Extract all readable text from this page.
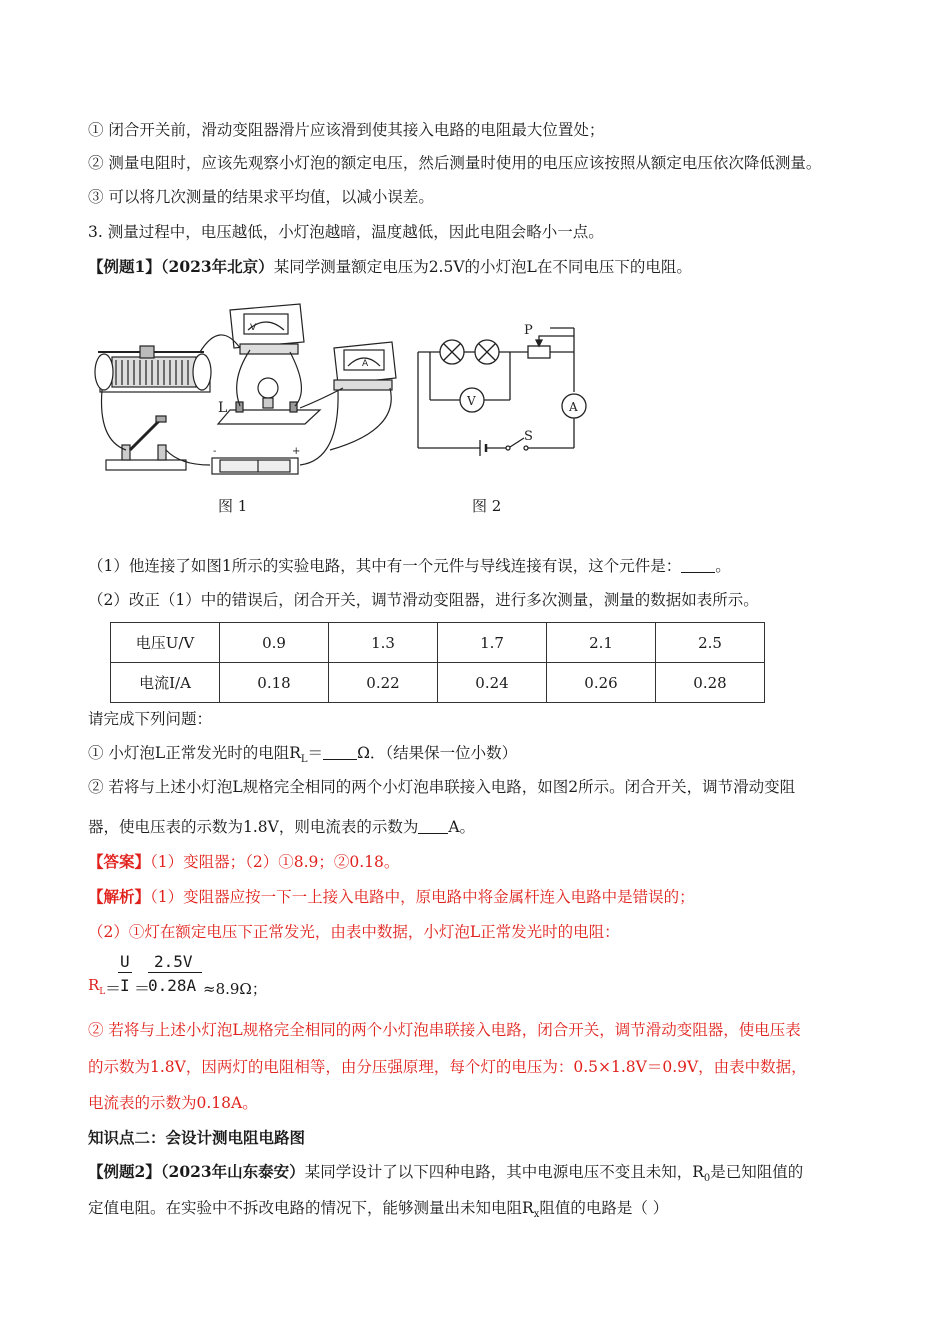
① 闭合开关前，滑动变阻器滑片应该滑到使其接入电路的电阻最大位置处；
② 测量电阻时，应该先观察小灯泡的额定电压，然后测量时使用的电压应该按照从额定电压依次降低测量。
③ 可以将几次测量的结果求平均值，以减小误差。
3. 测量过程中，电压越低，小灯泡越暗，温度越低，因此电阻会略小一点。
【例题1】（2023年北京）某同学测量额定电压为2.5V的小灯泡L在不同电压下的电阻。
-	+
L
V
A
图 1
P
S
V	A
图 2
（1）他连接了如图1所示的实验电路，其中有一个元件与导线连接有误，这个元件是： 。
（2）改正（1）中的错误后，闭合开关，调节滑动变阻器，进行多次测量，测量的数据如表所示。
电压U/V	0.9	1.3	1.7	2.1	2.5
电流I/A	0.18	0.22	0.24	0.26	0.28
请完成下列问题：
① 小灯泡L正常发光时的电阻$R_L= \Omega$．（结果保一位小数）
② 若将与上述小灯泡L规格完全相同的两个小灯泡串联接入电路，如图2所示。闭合开关，调节滑动变阻
器，使电压表的示数为1.8V，则电流表的示数为 A。
【答案】（1）变阻器；（2）①8.9；②0.18。
【解析】（1）变阻器应按一下一上接入电路中，原电路中将金属杆连入电路中是错误的；
（2）①灯在额定电压下正常发光，由表中数据，小灯泡L正常发光时的电阻：
$R_L$ ＝
U
I ＝
2.5V
0.28A ≈8.9Ω；
② 若将与上述小灯泡L规格完全相同的两个小灯泡串联接入电路，闭合开关，调节滑动变阻器，使电压表
的示数为1.8V，因两灯的电阻相等，由分压强原理，每个灯的电压为：0.5×1.8V＝0.9V，由表中数据，
电流表的示数为0.18A。
知识点二：会设计测电阻电路图
【例题2】（2023年山东泰安）某同学设计了以下四种电路，其中电源电压不变且未知，$R_0$是已知阻值的
定值电阻。在实验中不拆改电路的情况下，能够测量出未知电阻$R_x$阻值的电路是（ ）
